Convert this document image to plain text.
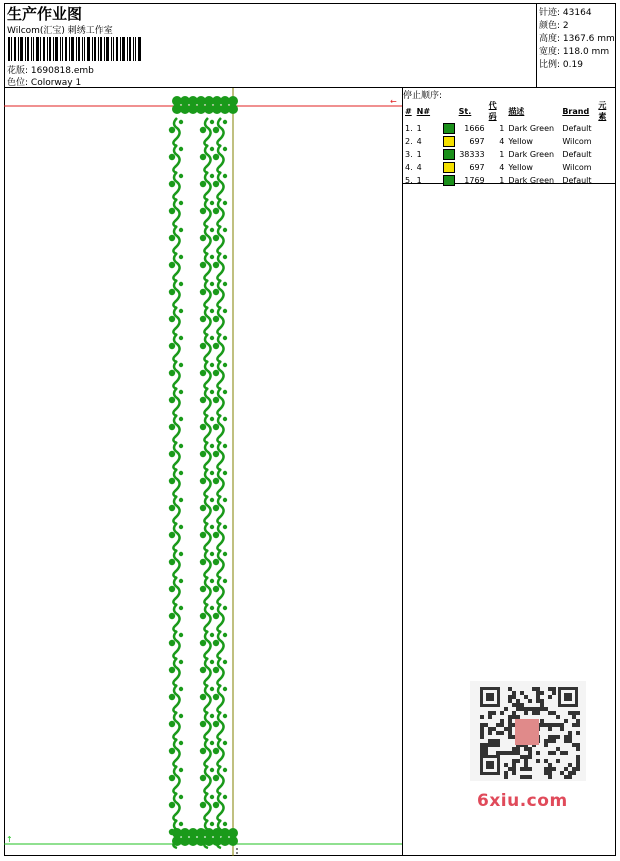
生产作业图
Wilcom(汇宝) 刺绣工作室
花版: 1690818.emb
色位: Colorway 1
针迹: 43164
颜色: 2
高度: 1367.6 mm
宽度: 118.0 mm
比例: 0.19
←
↑
停止顺序:
#	N#		St.	代码	描述	Brand	元素
1.	1		1666	1	Dark Green	Default	
2.	4		697	4	Yellow	Wilcom	
3.	1		38333	1	Dark Green	Default	
4.	4		697	4	Yellow	Wilcom	
5.	1		1769	1	Dark Green	Default	
6xiu.com
